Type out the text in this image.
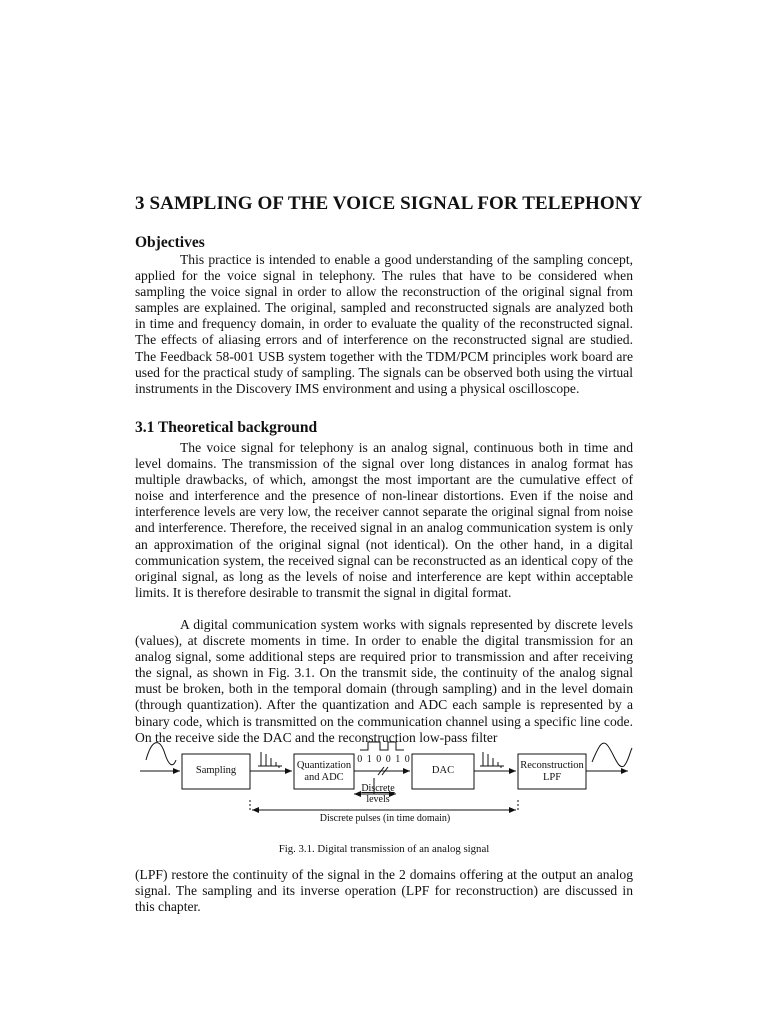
3 SAMPLING OF THE VOICE SIGNAL FOR TELEPHONY
Objectives

This practice is intended to enable a good understanding of the sampling concept, applied for the voice signal in telephony. The rules that have to be considered when sampling the voice signal in order to allow the reconstruction of the original signal from samples are explained. The original, sampled and reconstructed signals are analyzed both in time and frequency domain, in order to evaluate the quality of the reconstructed signal. The effects of aliasing errors and of interference on the reconstructed signal are studied. The Feedback 58-001 USB system together with the TDM/PCM principles work board are used for the practical study of sampling. The signals can be observed both using the virtual instruments in the Discovery IMS environment and using a physical oscilloscope.

3.1 Theoretical background

The voice signal for telephony is an analog signal, continuous both in time and level domains. The transmission of the signal over long distances in analog format has multiple drawbacks, of which, amongst the most important are the cumulative effect of noise and interference and the presence of non-linear distortions. Even if the noise and interference levels are very low, the receiver cannot separate the original signal from noise and interference. Therefore, the received signal in an analog communication system is only an approximation of the original signal (not identical). On the other hand, in a digital communication system, the received signal can be reconstructed as an identical copy of the original signal, as long as the levels of noise and interference are kept within acceptable limits. It is therefore desirable to transmit the signal in digital format.

A digital communication system works with signals represented by discrete levels (values), at discrete moments in time. In order to enable the digital transmission for an analog signal, some additional steps are required prior to transmission and after receiving the signal, as shown in Fig. 3.1. On the transmit side, the continuity of the analog signal must be broken, both in the temporal domain (through sampling) and in the level domain (through quantization). After the quantization and ADC each sample is represented by a binary code, which is transmitted on the communication channel using a specific line code. On the receive side the DAC and the reconstruction low-pass filter

Sampling	Quantization
and ADC
DAC	Reconstruction
LPF
0 1 0 0 1 0
Discrete
levels
Discrete pulses (in time domain)
Fig. 3.1. Digital transmission of an analog signal

(LPF) restore the continuity of the signal in the 2 domains offering at the output an analog signal. The sampling and its inverse operation (LPF for reconstruction) are discussed in this chapter.
